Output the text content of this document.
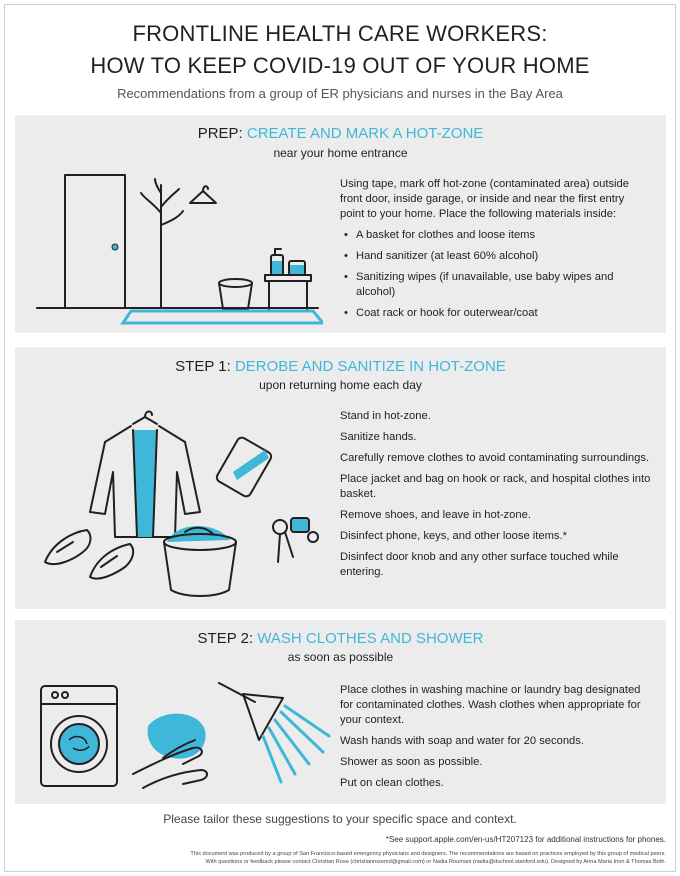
FRONTLINE HEALTH CARE WORKERS:
HOW TO KEEP COVID-19 OUT OF YOUR HOME
Recommendations from a group of ER physicians and nurses in the Bay Area
PREP: CREATE AND MARK A HOT-ZONE
near your home entrance

Using tape, mark off hot-zone (contaminated area) outside front door, inside garage, or inside and near the first entry point to your home. Place the following materials inside:

• A basket for clothes and loose items
• Hand sanitizer (at least 60% alcohol)
• Sanitizing wipes (if unavailable, use baby wipes and alcohol)
• Coat rack or hook for outerwear/coat
STEP 1: DEROBE AND SANITIZE IN HOT-ZONE
upon returning home each day

Stand in hot-zone.

Sanitize hands.

Carefully remove clothes to avoid contaminating surroundings.

Place jacket and bag on hook or rack, and hospital clothes into basket.

Remove shoes, and leave in hot-zone.

Disinfect phone, keys, and other loose items.*

Disinfect door knob and any other surface touched while entering.

STEP 2: WASH CLOTHES AND SHOWER
as soon as possible

Place clothes in washing machine or laundry bag designated for contaminated clothes. Wash clothes when appropriate for your context.

Wash hands with soap and water for 20 seconds.

Shower as soon as possible.

Put on clean clothes.

Please tailor these suggestions to your specific space and context.
*See support.apple.com/en-us/HT207123 for additional instructions for phones.
This document was produced by a group of San Francisco-based emergency physicians and designers. The recommendations are based on practices employed by this group of medical peers.
With questions or feedback please contact Christian Rose (christianrosemd@gmail.com) or Nadia Roumani (nadia@dschool.stanford.edu). Designed by Anna Maria Irion & Thomas Both.
